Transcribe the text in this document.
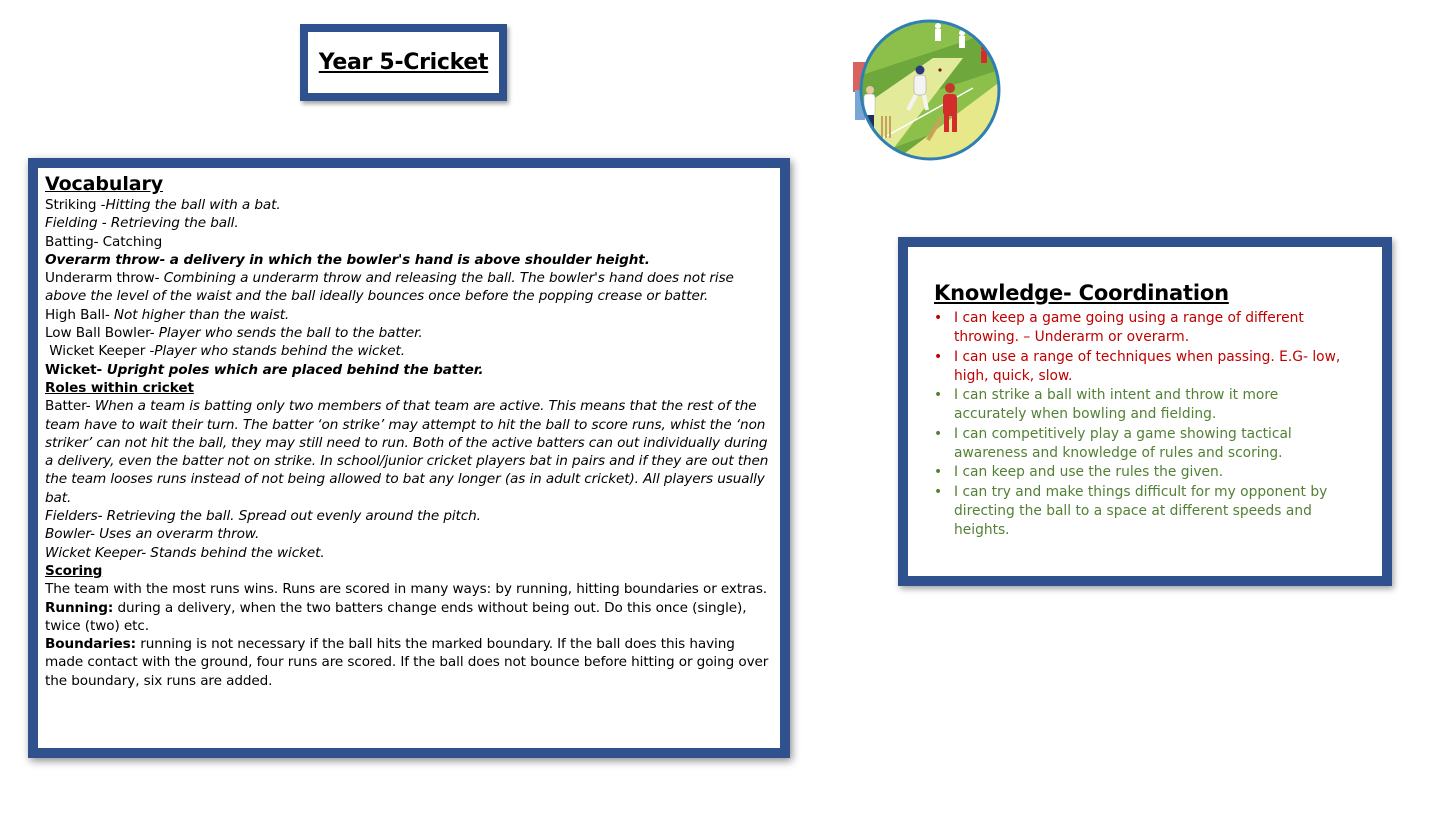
Year 5-Cricket
Vocabulary
Striking -Hitting the ball with a bat.
Fielding - Retrieving the ball.
Batting- Catching
Overarm throw- a delivery in which the bowler's hand is above shoulder height.
Underarm throw- Combining a underarm throw and releasing the ball. The bowler's hand does not rise above the level of the waist and the ball ideally bounces once before the popping crease or batter.
High Ball- Not higher than the waist.
Low Ball Bowler- Player who sends the ball to the batter.
Wicket Keeper -Player who stands behind the wicket.
Wicket- Upright poles which are placed behind the batter.
Roles within cricket
Batter- When a team is batting only two members of that team are active. This means that the rest of the team have to wait their turn. The batter ‘on strike’ may attempt to hit the ball to score runs, whist the ‘non striker’ can not hit the ball, they may still need to run. Both of the active batters can out individually during a delivery, even the batter not on strike. In school/junior cricket players bat in pairs and if they are out then the team looses runs instead of not being allowed to bat any longer (as in adult cricket). All players usually bat.
Fielders- Retrieving the ball. Spread out evenly around the pitch.
Bowler- Uses an overarm throw.
Wicket Keeper- Stands behind the wicket.
Scoring
The team with the most runs wins. Runs are scored in many ways: by running, hitting boundaries or extras.
Running: during a delivery, when the two batters change ends without being out. Do this once (single), twice (two) etc.
Boundaries: running is not necessary if the ball hits the marked boundary. If the ball does this having made contact with the ground, four runs are scored. If the ball does not bounce before hitting or going over the boundary, six runs are added.
Knowledge- Coordination
• I can keep a game going using a range of different throwing. – Underarm or overarm.
• I can use a range of techniques when passing. E.G- low, high, quick, slow.
• I can strike a ball with intent and throw it more accurately when bowling and fielding.
• I can competitively play a game showing tactical awareness and knowledge of rules and scoring.
• I can keep and use the rules the given.
• I can try and make things difficult for my opponent by directing the ball to a space at different speeds and heights.
